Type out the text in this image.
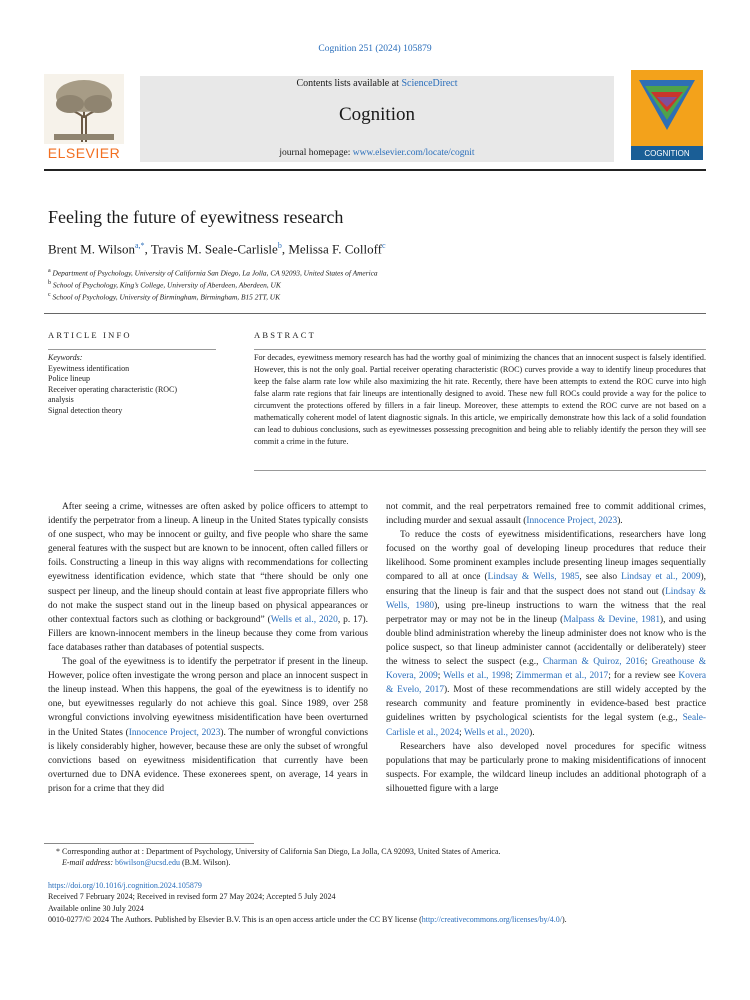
Cognition 251 (2024) 105879
ELSEVIER
Contents lists available at ScienceDirect
Cognition
journal homepage: www.elsevier.com/locate/cognit	COGNITION
Feeling the future of eyewitness research
Brent M. Wilson$^{a,*}$, Travis M. Seale-Carlisle$^b$, Melissa F. Colloff$^c$
$^a$ Department of Psychology, University of California San Diego, La Jolla, CA 92093, United States of America
$^b$ School of Psychology, King’s College, University of Aberdeen, Aberdeen, UK
$^c$ School of Psychology, University of Birmingham, Birmingham, B15 2TT, UK
ARTICLE INFO	ABSTRACT
Keywords:
Eyewitness identification
Police lineup
Receiver operating characteristic (ROC)
analysis
Signal detection theory
For decades, eyewitness memory research has had the worthy goal of minimizing the chances that an innocent suspect is falsely identified. However, this is not the only goal. Partial receiver operating characteristic (ROC) curves provide a way to identify lineup procedures that keep the false alarm rate low while also maximizing the hit rate. Recently, there have been attempts to extend the ROC curve into high false alarm rate regions that fair lineups are intentionally designed to avoid. These new full ROCs could provide a way for the police to circumvent the protections offered by fillers in a fair lineup. Moreover, these attempts to extend the ROC curve are not based on a mathematically coherent model of latent diagnostic signals. In this article, we empirically demonstrate how this lack of a solid foundation can lead to dubious conclusions, such as eyewitnesses possessing precognition and being able to reliably identify the person they will see commit a crime in the future.

After seeing a crime, witnesses are often asked by police officers to attempt to identify the perpetrator from a lineup. A lineup in the United States typically consists of one suspect, who may be innocent or guilty, and five people who share the same general features with the suspect but are known to be innocent, often called fillers or foils. Constructing a lineup in this way aligns with recommendations for collecting eyewitness identification evidence, which state that “there should be only one suspect per lineup, and the lineup should contain at least five appropriate fillers who do not make the suspect stand out in the lineup based on physical appearances or other contextual factors such as clothing or background” (Wells et al., 2020, p. 17). Fillers are known-innocent members in the lineup because they come from various face databases rather than databases of potential suspects.

The goal of the eyewitness is to identify the perpetrator if present in the lineup. However, police often investigate the wrong person and place an innocent suspect in the lineup instead. When this happens, the goal of the eyewitness is to identify no one, but eyewitnesses regularly do not achieve this goal. Since 1989, over 258 wrongful convictions involving eyewitness misidentification have been overturned in the United States (Innocence Project, 2023). The number of wrongful convictions is likely considerably higher, however, because these are only the subset of wrongful convictions based on eyewitness misidentification that currently have been overturned due to DNA evidence. These exonerees spent, on average, 14 years in prison for a crime that they did

not commit, and the real perpetrators remained free to commit additional crimes, including murder and sexual assault (Innocence Project, 2023).

To reduce the costs of eyewitness misidentifications, researchers have long focused on the worthy goal of developing lineup procedures that reduce their likelihood. Some prominent examples include presenting lineup images sequentially compared to all at once (Lindsay & Wells, 1985, see also Lindsay et al., 2009), ensuring that the lineup is fair and that the suspect does not stand out (Lindsay & Wells, 1980), using pre-lineup instructions to warn the witness that the real perpetrator may or may not be in the lineup (Malpass & Devine, 1981), and using double blind administration whereby the lineup administer does not know who is the police suspect, so that lineup administer cannot (accidentally or deliberately) steer the witness to select the suspect (e.g., Charman & Quiroz, 2016; Greathouse & Kovera, 2009; Wells et al., 1998; Zimmerman et al., 2017; for a review see Kovera & Evelo, 2017). Most of these recommendations are still widely accepted by the research community and feature prominently in evidence-based best practice guidelines written by psychological scientists for the legal system (e.g., Seale-Carlisle et al., 2024; Wells et al., 2020).

Researchers have also developed novel procedures for specific witness populations that may be particularly prone to making misidentifications of innocent suspects. For example, the wildcard lineup includes an additional photograph of a silhouetted figure with a large

* Corresponding author at : Department of Psychology, University of California San Diego, La Jolla, CA 92093, United States of America.
E-mail address: b6wilson@ucsd.edu (B.M. Wilson).
https://doi.org/10.1016/j.cognition.2024.105879
Received 7 February 2024; Received in revised form 27 May 2024; Accepted 5 July 2024
Available online 30 July 2024
0010-0277/© 2024 The Authors. Published by Elsevier B.V. This is an open access article under the CC BY license (http://creativecommons.org/licenses/by/4.0/).
